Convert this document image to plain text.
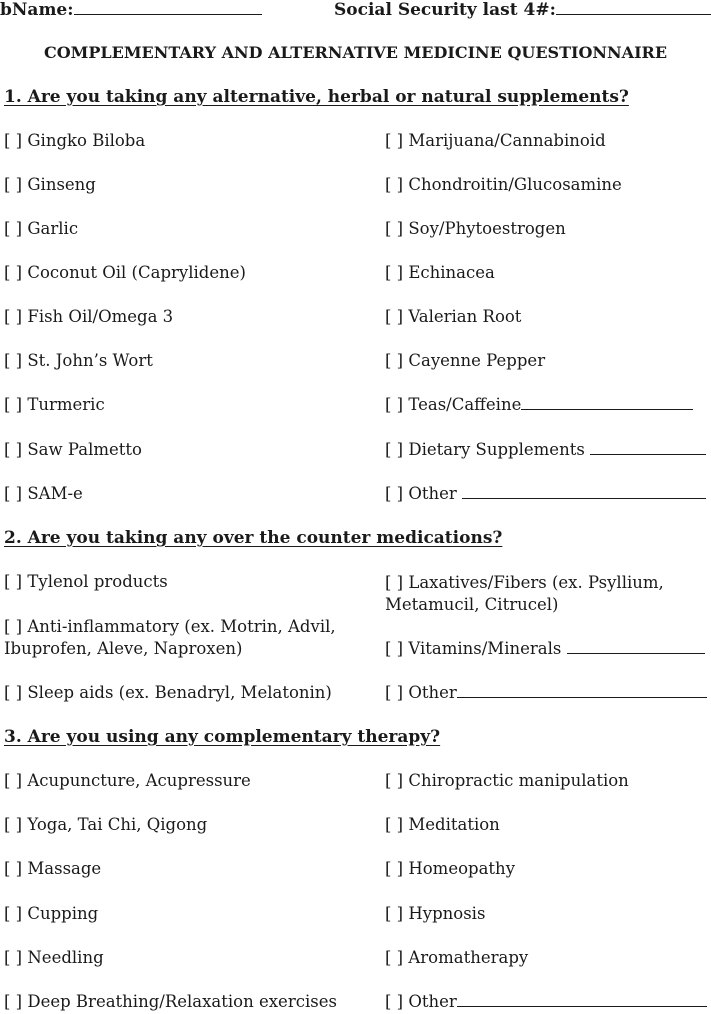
bName:	Social Security last 4#:
COMPLEMENTARY AND ALTERNATIVE MEDICINE QUESTIONNAIRE
1. Are you taking any alternative, herbal or natural supplements?
[ ] Gingko Biloba
[ ] Ginseng
[ ] Garlic
[ ] Coconut Oil (Caprylidene)
[ ] Fish Oil/Omega 3
[ ] St. John’s Wort
[ ] Turmeric
[ ] Saw Palmetto
[ ] SAM-e
[ ] Marijuana/Cannabinoid
[ ] Chondroitin/Glucosamine
[ ] Soy/Phytoestrogen
[ ] Echinacea
[ ] Valerian Root
[ ] Cayenne Pepper
[ ] Teas/Caffeine
[ ] Dietary Supplements
[ ] Other
2. Are you taking any over the counter medications?
[ ] Tylenol products
[ ] Anti-inflammatory (ex. Motrin, Advil, Ibuprofen, Aleve, Naproxen)
[ ] Sleep aids (ex. Benadryl, Melatonin)
[ ] Laxatives/Fibers (ex. Psyllium, Metamucil, Citrucel)
[ ] Vitamins/Minerals
[ ] Other
3. Are you using any complementary therapy?
[ ] Acupuncture, Acupressure
[ ] Yoga, Tai Chi, Qigong
[ ] Massage
[ ] Cupping
[ ] Needling
[ ] Deep Breathing/Relaxation exercises
[ ] Chiropractic manipulation
[ ] Meditation
[ ] Homeopathy
[ ] Hypnosis
[ ] Aromatherapy
[ ] Other
